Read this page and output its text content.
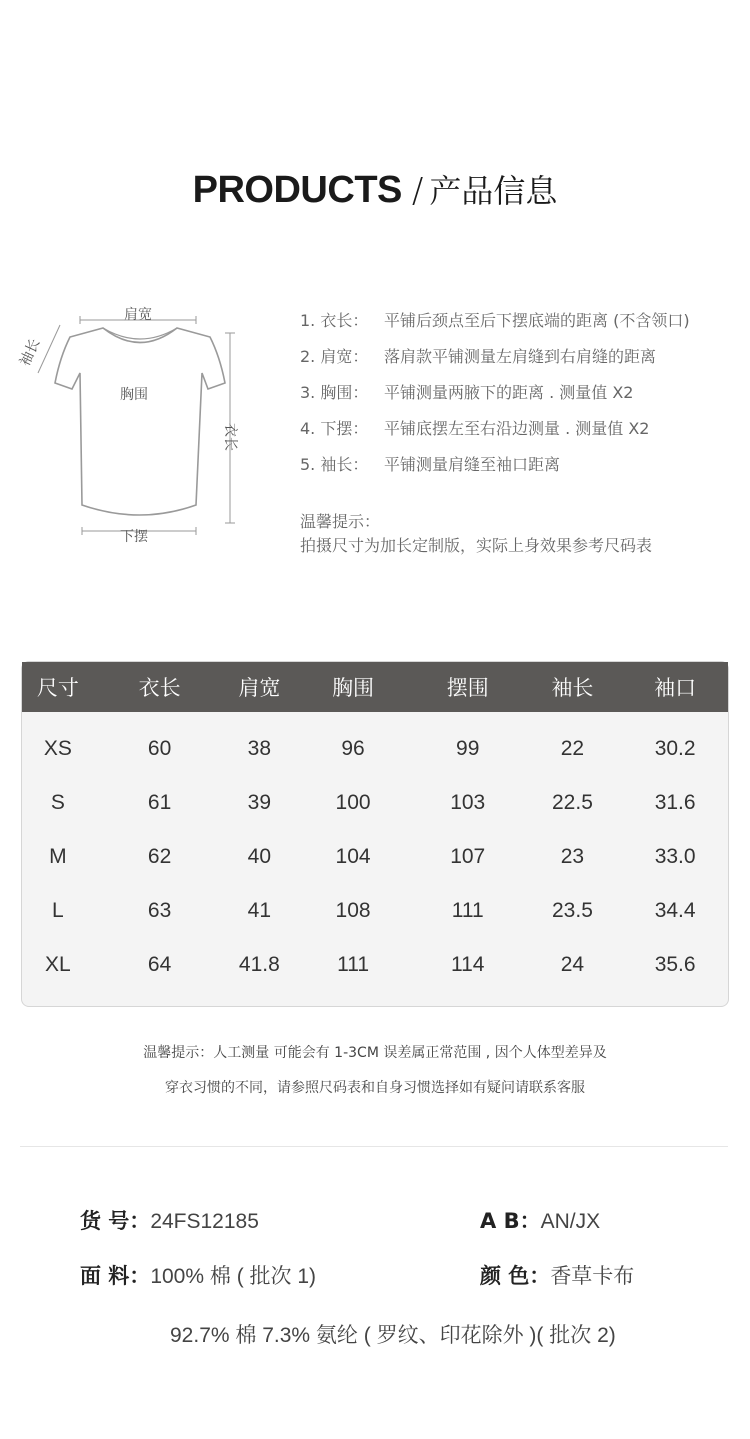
PRODUCTS / 产品信息
肩宽
胸围
下摆
衣长
袖长
1. 衣长： 平铺后颈点至后下摆底端的距离 (不含领口)
2. 肩宽： 落肩款平铺测量左肩缝到右肩缝的距离
3. 胸围： 平铺测量两腋下的距离 . 测量值 X2
4. 下摆： 平铺底摆左至右沿边测量 . 测量值 X2
5. 袖长： 平铺测量肩缝至袖口距离
温馨提示：
拍摄尺寸为加长定制版，实际上身效果参考尺码表
尺寸	衣长	肩宽	胸围	摆围	袖长	袖口
XS	60	38	96	99	22	30.2
S	61	39	100	103	22.5	31.6
M	62	40	104	107	23	33.0
L	63	41	108	111	23.5	34.4
XL	64	41.8	111	114	24	35.6
温馨提示：人工测量 可能会有 1-3CM 误差属正常范围 , 因个人体型差异及
穿衣习惯的不同，请参照尺码表和自身习惯选择如有疑问请联系客服
货 号：24FS12185	A B：AN/JX
面 料：100% 棉 ( 批次 1)	颜 色：香草卡布
92.7% 棉 7.3% 氨纶 ( 罗纹、印花除外 )( 批次 2)
